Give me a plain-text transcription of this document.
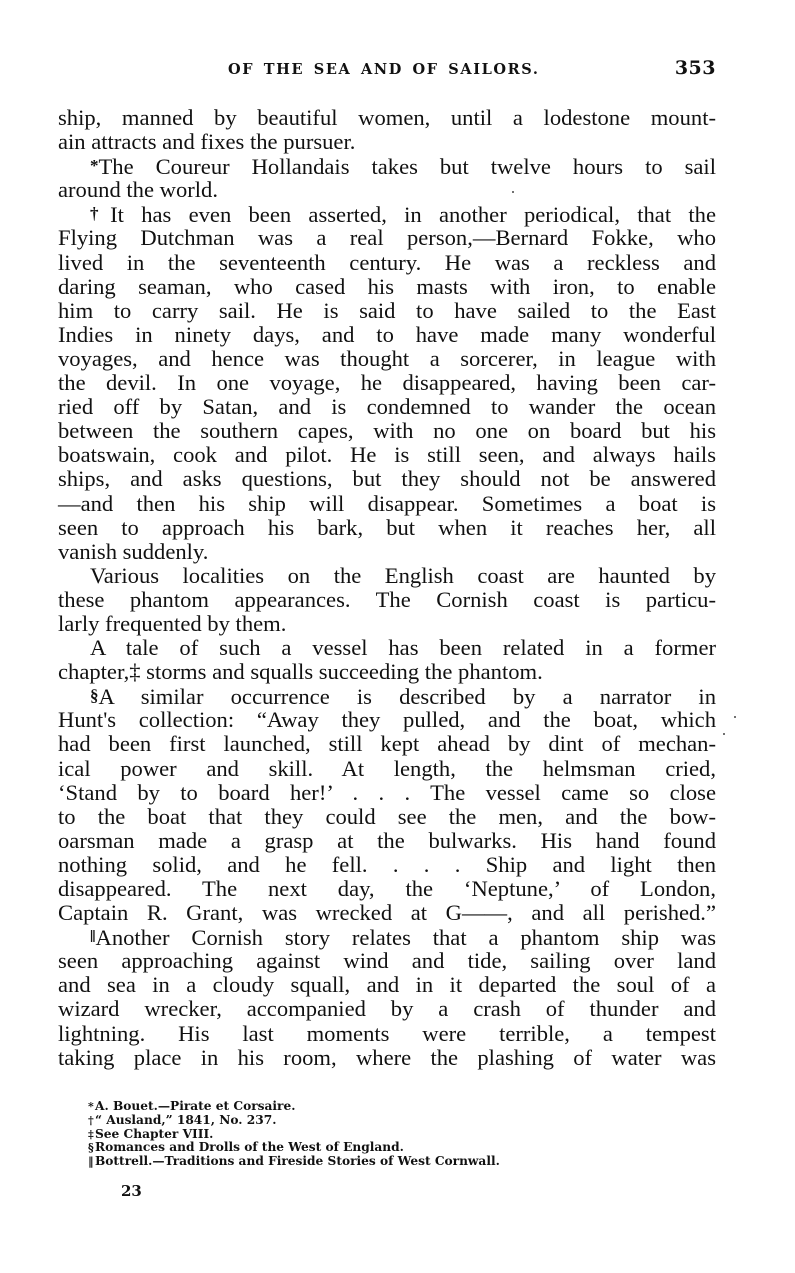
OF THE SEA AND OF SAILORS.	353
ship, manned by beautiful women, until a lodestone mount-
ain attracts and fixes the pursuer.
*The Coureur Hollandais takes but twelve hours to sail
around the world.
†It has even been asserted, in another periodical, that the
Flying Dutchman was a real person,—Bernard Fokke, who
lived in the seventeenth century. He was a reckless and
daring seaman, who cased his masts with iron, to enable
him to carry sail. He is said to have sailed to the East
Indies in ninety days, and to have made many wonderful
voyages, and hence was thought a sorcerer, in league with
the devil. In one voyage, he disappeared, having been car-
ried off by Satan, and is condemned to wander the ocean
between the southern capes, with no one on board but his
boatswain, cook and pilot. He is still seen, and always hails
ships, and asks questions, but they should not be answered
—and then his ship will disappear. Sometimes a boat is
seen to approach his bark, but when it reaches her, all
vanish suddenly.
Various localities on the English coast are haunted by
these phantom appearances. The Cornish coast is particu-
larly frequented by them.
A tale of such a vessel has been related in a former
chapter,‡ storms and squalls succeeding the phantom.
§A similar occurrence is described by a narrator in
Hunt's collection: “Away they pulled, and the boat, which
had been first launched, still kept ahead by dint of mechan-
ical power and skill. At length, the helmsman cried,
‘Stand by to board her!’ . . . The vessel came so close
to the boat that they could see the men, and the bow-
oarsman made a grasp at the bulwarks. His hand found
nothing solid, and he fell. . . . Ship and light then
disappeared. The next day, the ‘Neptune,’ of London,
Captain R. Grant, was wrecked at G——, and all perished.”
‖Another Cornish story relates that a phantom ship was
seen approaching against wind and tide, sailing over land
and sea in a cloudy squall, and in it departed the soul of a
wizard wrecker, accompanied by a crash of thunder and
lightning. His last moments were terrible, a tempest
taking place in his room, where the plashing of water was
*A. Bouet.—Pirate et Corsaire.
†“ Ausland,” 1841, No. 237.
‡See Chapter VIII.
§Romances and Drolls of the West of England.
‖ Bottrell.—Traditions and Fireside Stories of West Cornwall.
23
